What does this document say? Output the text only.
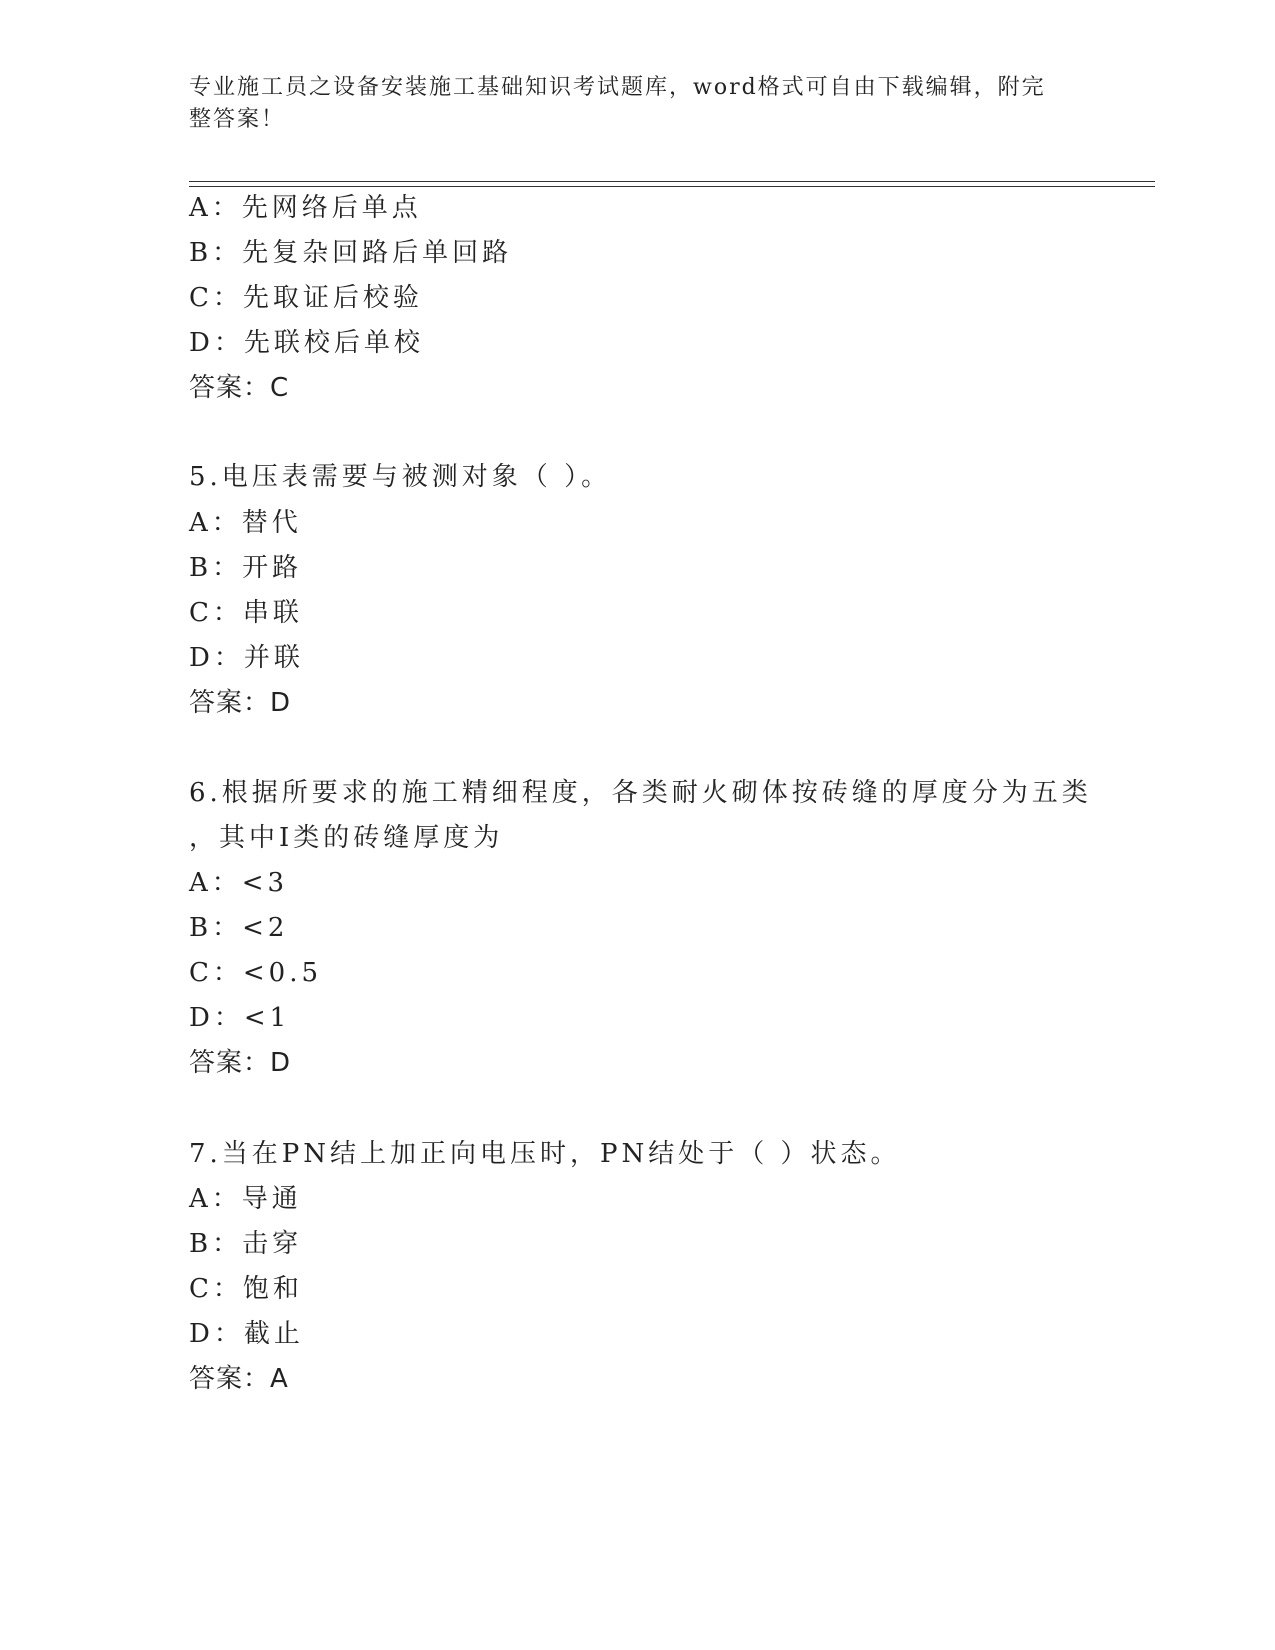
专业施工员之设备安装施工基础知识考试题库，word格式可自由下载编辑，附完
整答案！
A：先网络后单点
B：先复杂回路后单回路
C：先取证后校验
D：先联校后单校
答案：C
5.电压表需要与被测对象（ ）。
A：替代
B：开路
C：串联
D：并联
答案：D
6.根据所要求的施工精细程度，各类耐火砌体按砖缝的厚度分为五类
，其中Ⅰ类的砖缝厚度为
A：<3
B：<2
C：<0.5
D：<1
答案：D
7.当在PN结上加正向电压时，PN结处于（ ）状态。
A：导通
B：击穿
C：饱和
D：截止
答案：A
